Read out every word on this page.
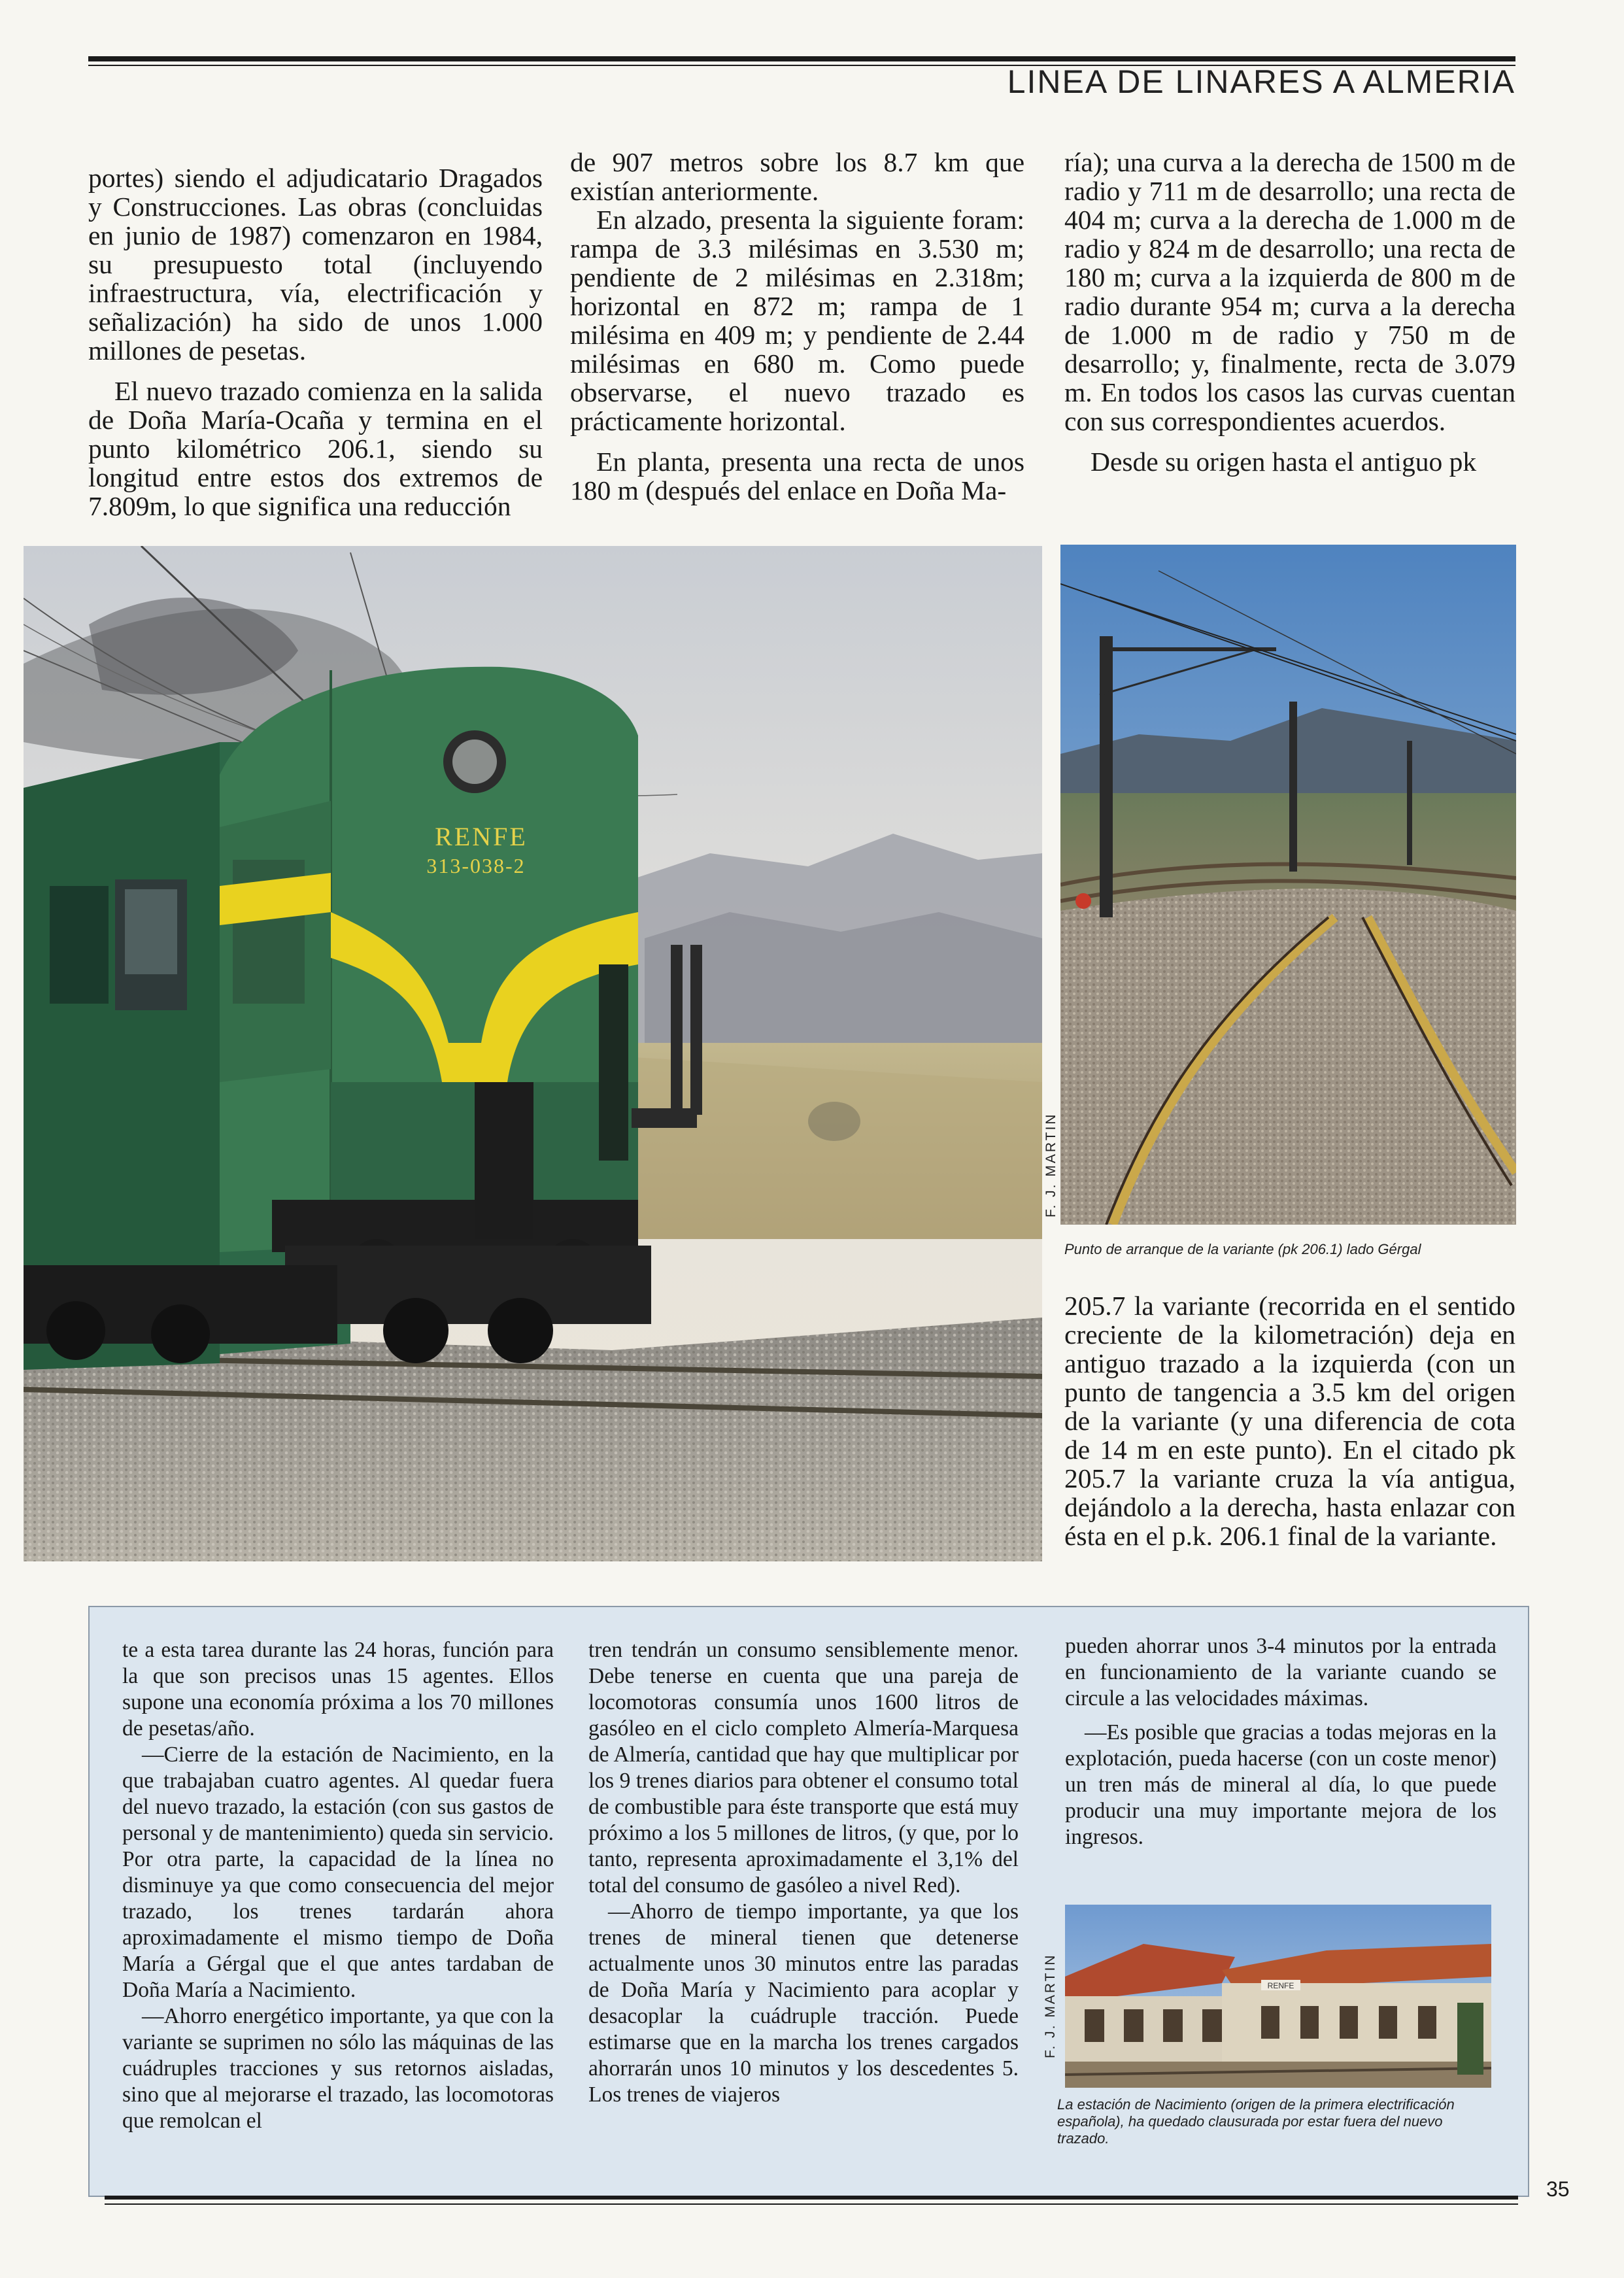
LINEA DE LINARES A ALMERIA

portes) siendo el adjudicatario Dragados y Construcciones. Las obras (concluidas en junio de 1987) comenzaron en 1984, su presupuesto total (incluyendo infraestructura, vía, electrificación y señalización) ha sido de unos 1.000 millones de pesetas.

El nuevo trazado comienza en la salida de Doña María-Ocaña y termina en el punto kilométrico 206.1, siendo su longitud entre estos dos extremos de 7.809m, lo que significa una reducción

de 907 metros sobre los 8.7 km que existían anteriormente.

En alzado, presenta la siguiente foram: rampa de 3.3 milésimas en 3.530 m; pendiente de 2 milésimas en 2.318m; horizontal en 872 m; rampa de 1 milésima en 409 m; y pendiente de 2.44 milésimas en 680 m. Como puede observarse, el nuevo trazado es prácticamente horizontal.

En planta, presenta una recta de unos 180 m (después del enlace en Doña Ma-

ría); una curva a la derecha de 1500 m de radio y 711 m de desarrollo; una recta de 404 m; curva a la derecha de 1.000 m de radio y 824 m de desarrollo; una recta de 180 m; curva a la izquierda de 800 m de radio durante 954 m; curva a la derecha de 1.000 m de radio y 750 m de desarrollo; y, finalmente, recta de 3.079 m. En todos los casos las curvas cuentan con sus correspondientes acuerdos.

Desde su origen hasta el antiguo pk

RENFE
313-038-2
F. J. MARTIN
Punto de arranque de la variante (pk 206.1) lado Gérgal

205.7 la variante (recorrida en el sentido creciente de la kilometración) deja en antiguo trazado a la izquierda (con un punto de tangencia a 3.5 km del origen de la variante (y una diferencia de cota de 14 m en este punto). En el citado pk 205.7 la variante cruza la vía antigua, dejándolo a la derecha, hasta enlazar con ésta en el p.k. 206.1 final de la variante.

te a esta tarea durante las 24 horas, función para la que son precisos unas 15 agentes. Ellos supone una economía próxima a los 70 millones de pesetas/año.

—Cierre de la estación de Nacimiento, en la que trabajaban cuatro agentes. Al quedar fuera del nuevo trazado, la estación (con sus gastos de personal y de mantenimiento) queda sin servicio. Por otra parte, la capacidad de la línea no disminuye ya que como consecuencia del mejor trazado, los trenes tardarán ahora aproximadamente el mismo tiempo de Doña María a Gérgal que el que antes tardaban de Doña María a Nacimiento.

—Ahorro energético importante, ya que con la variante se suprimen no sólo las máquinas de las cuádruples tracciones y sus retornos aisladas, sino que al mejorarse el trazado, las locomotoras que remolcan el

tren tendrán un consumo sensiblemente menor. Debe tenerse en cuenta que una pareja de locomotoras consumía unos 1600 litros de gasóleo en el ciclo completo Almería-Marquesa de Almería, cantidad que hay que multiplicar por los 9 trenes diarios para obtener el consumo total de combustible para éste transporte que está muy próximo a los 5 millones de litros, (y que, por lo tanto, representa aproximadamente el 3,1% del total del consumo de gasóleo a nivel Red).

—Ahorro de tiempo importante, ya que los trenes de mineral tienen que detenerse actualmente unos 30 minutos entre las paradas de Doña María y Nacimiento para acoplar y desacoplar la cuádruple tracción. Puede estimarse que en la marcha los trenes cargados ahorrarán unos 10 minutos y los descedentes 5. Los trenes de viajeros

pueden ahorrar unos 3-4 minutos por la entrada en funcionamiento de la variante cuando se circule a las velocidades máximas.

—Es posible que gracias a todas mejoras en la explotación, pueda hacerse (con un coste menor) un tren más de mineral al día, lo que puede producir una muy importante mejora de los ingresos.

RENFE
F. J. MARTIN
La estación de Nacimiento (origen de la primera electrificación española), ha quedado clausurada por estar fuera del nuevo trazado.
35
